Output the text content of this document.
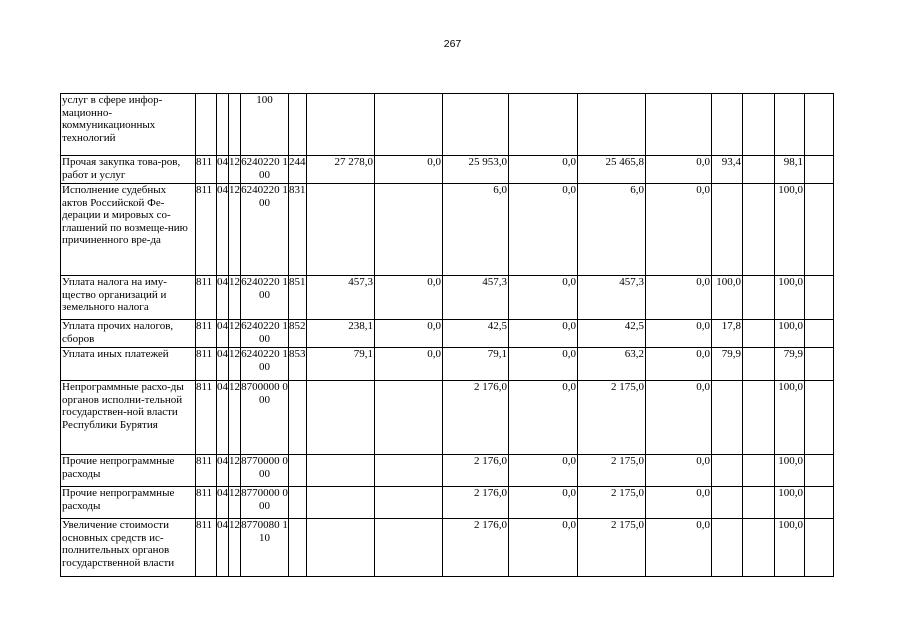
267
услуг в сфере инфор-мационно-коммуникационных технологий				100											
Прочая закупка това-ров, работ и услуг	811	04	12	6240220 100	244	27 278,0	0,0	25 953,0	0,0	25 465,8	0,0	93,4		98,1	
Исполнение судебных актов Российской Фе-дерации и мировых со-глашений по возмеще-нию причиненного вре-да	811	04	12	6240220 100	831			6,0	0,0	6,0	0,0			100,0	
Уплата налога на иму-щество организаций и земельного налога	811	04	12	6240220 100	851	457,3	0,0	457,3	0,0	457,3	0,0	100,0		100,0	
Уплата прочих налогов, сборов	811	04	12	6240220 100	852	238,1	0,0	42,5	0,0	42,5	0,0	17,8		100,0	
Уплата иных платежей	811	04	12	6240220 100	853	79,1	0,0	79,1	0,0	63,2	0,0	79,9		79,9	
Непрограммные расхо-ды органов исполни-тельной государствен-ной власти Республики Бурятия	811	04	12	8700000 000				2 176,0	0,0	2 175,0	0,0			100,0	
Прочие непрограммные расходы	811	04	12	8770000 000				2 176,0	0,0	2 175,0	0,0			100,0	
Прочие непрограммные расходы	811	04	12	8770000 000				2 176,0	0,0	2 175,0	0,0			100,0	
Увеличение стоимости основных средств ис-полнительных органов государственной власти	811	04	12	8770080 110				2 176,0	0,0	2 175,0	0,0			100,0	
